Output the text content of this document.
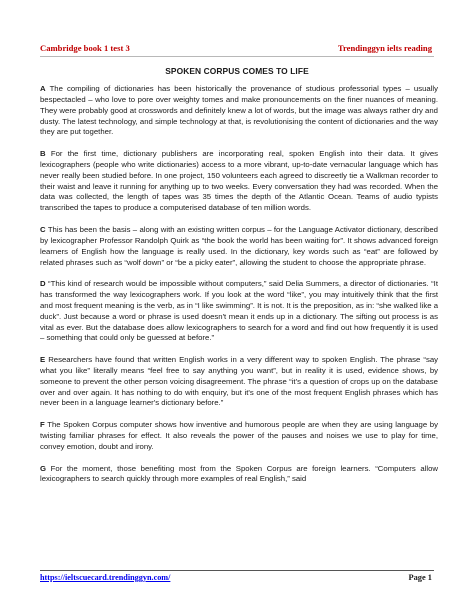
Cambridge book 1 test 3	Trendinggyn ielts reading
SPOKEN CORPUS COMES TO LIFE

A The compiling of dictionaries has been historically the provenance of studious professorial types – usually bespectacled – who love to pore over weighty tomes and make pronouncements on the finer nuances of meaning. They were probably good at crosswords and definitely knew a lot of words, but the image was always rather dry and dusty. The latest technology, and simple technology at that, is revolutionising the content of dictionaries and the way they are put together.

B For the first time, dictionary publishers are incorporating real, spoken English into their data. It gives lexicographers (people who write dictionaries) access to a more vibrant, up-to-date vernacular language which has never really been studied before. In one project, 150 volunteers each agreed to discreetly tie a Walkman recorder to their waist and leave it running for anything up to two weeks. Every conversation they had was recorded. When the data was collected, the length of tapes was 35 times the depth of the Atlantic Ocean. Teams of audio typists transcribed the tapes to produce a computerised database of ten million words.

C This has been the basis – along with an existing written corpus – for the Language Activator dictionary, described by lexicographer Professor Randolph Quirk as “the book the world has been waiting for”. It shows advanced foreign learners of English how the language is really used. In the dictionary, key words such as “eat” are followed by related phrases such as “wolf down” or “be a picky eater”, allowing the student to choose the appropriate phrase.

D “This kind of research would be impossible without computers,” said Delia Summers, a director of dictionaries. “It has transformed the way lexicographers work. If you look at the word “like”, you may intuitively think that the first and most frequent meaning is the verb, as in “I like swimming”. It is not. It is the preposition, as in: “she walked like a duck”. Just because a word or phrase is used doesn't mean it ends up in a dictionary. The sifting out process is as vital as ever. But the database does allow lexicographers to search for a word and find out how frequently it is used – something that could only be guessed at before.”

E Researchers have found that written English works in a very different way to spoken English. The phrase “say what you like” literally means “feel free to say anything you want”, but in reality it is used, evidence shows, by someone to prevent the other person voicing disagreement. The phrase “it's a question of crops up on the database over and over again. It has nothing to do with enquiry, but it's one of the most frequent English phrases which has never been in a language learner's dictionary before.”

F The Spoken Corpus computer shows how inventive and humorous people are when they are using language by twisting familiar phrases for effect. It also reveals the power of the pauses and noises we use to play for time, convey emotion, doubt and irony.

G For the moment, those benefiting most from the Spoken Corpus are foreign learners. “Computers allow lexicographers to search quickly through more examples of real English,” said

https://ieltscuecard.trendinggyn.com/	Page 1
